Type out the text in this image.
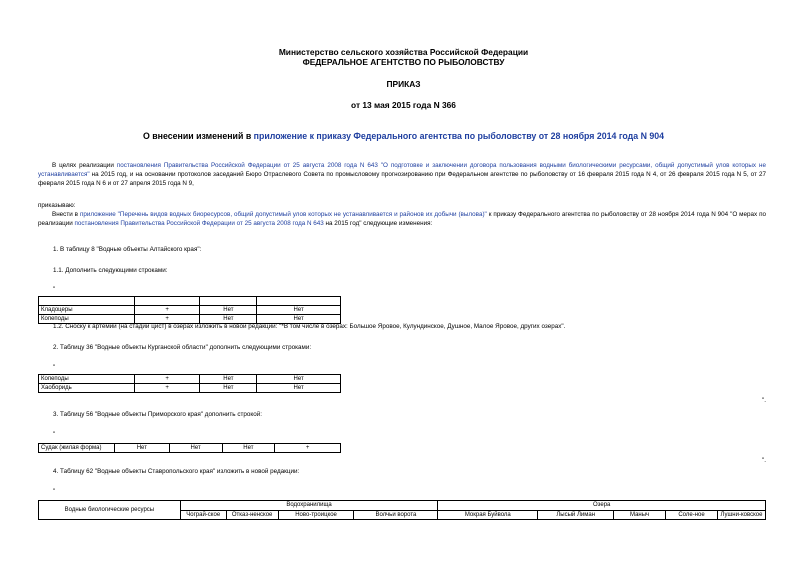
Министерство сельского хозяйства Российской Федерации
ФЕДЕРАЛЬНОЕ АГЕНТСТВО ПО РЫБОЛОВСТВУ
ПРИКАЗ
от 13 мая 2015 года N 366
О внесении изменений в приложение к приказу Федерального агентства по рыболовству от 28 ноября 2014 года N 904
В целях реализации постановления Правительства Российской Федерации от 25 августа 2008 года N 643 "О подготовке и заключении договора пользования водными биологическими ресурсами, общий допустимый улов которых не устанавливается" на 2015 год, и на основании протоколов заседаний Бюро Отраслевого Совета по промысловому прогнозированию при Федеральном агентстве по рыболовству от 16 февраля 2015 года N 4, от 26 февраля 2015 года N 5, от 27 февраля 2015 года N 6 и от 27 апреля 2015 года N 9,
приказываю:
Внести в приложение "Перечень видов водных биоресурсов, общий допустимый улов которых не устанавливается и районов их добычи (вылова)" к приказу Федерального агентства по рыболовству от 28 ноября 2014 года N 904 "О мерах по реализации постановления Правительства Российской Федерации от 25 августа 2008 года N 643 на 2015 год" следующие изменения:
1. В таблицу 8 "Водные объекты Алтайского края":
1.1. Дополнить следующими строками:
"

Кладоцеры	+	Нет	Нет
Копеподы	+	Нет	Нет
1.2. Сноску к артемии (на стадии цист) в озерах изложить в новой редакции: "*В том числе в озерах: Большое Яровое, Кулундинское, Душное, Малое Яровое, других озерах".
2. Таблицу 36 "Водные объекты Курганской области" дополнить следующими строками:
"
Копеподы	+	Нет	Нет
Хаоборидь	+	Нет	Нет
".
3. Таблицу 56 "Водные объекты Приморского края" дополнить строкой:
"
Судак (жилая форма)	Нет	Нет	Нет	+
".
4. Таблицу 62 "Водные объекты Ставропольского края" изложить в новой редакции:
"
Водные биологические ресурсы	Водохранилища				Озера				
	Чограй-ское	Отказ-ненское	Ново-троицкое	Волчьи ворота	Мокрая Буйвола	Лысый Лиман	Маныч	Соле-ное	Лушни-ковское
